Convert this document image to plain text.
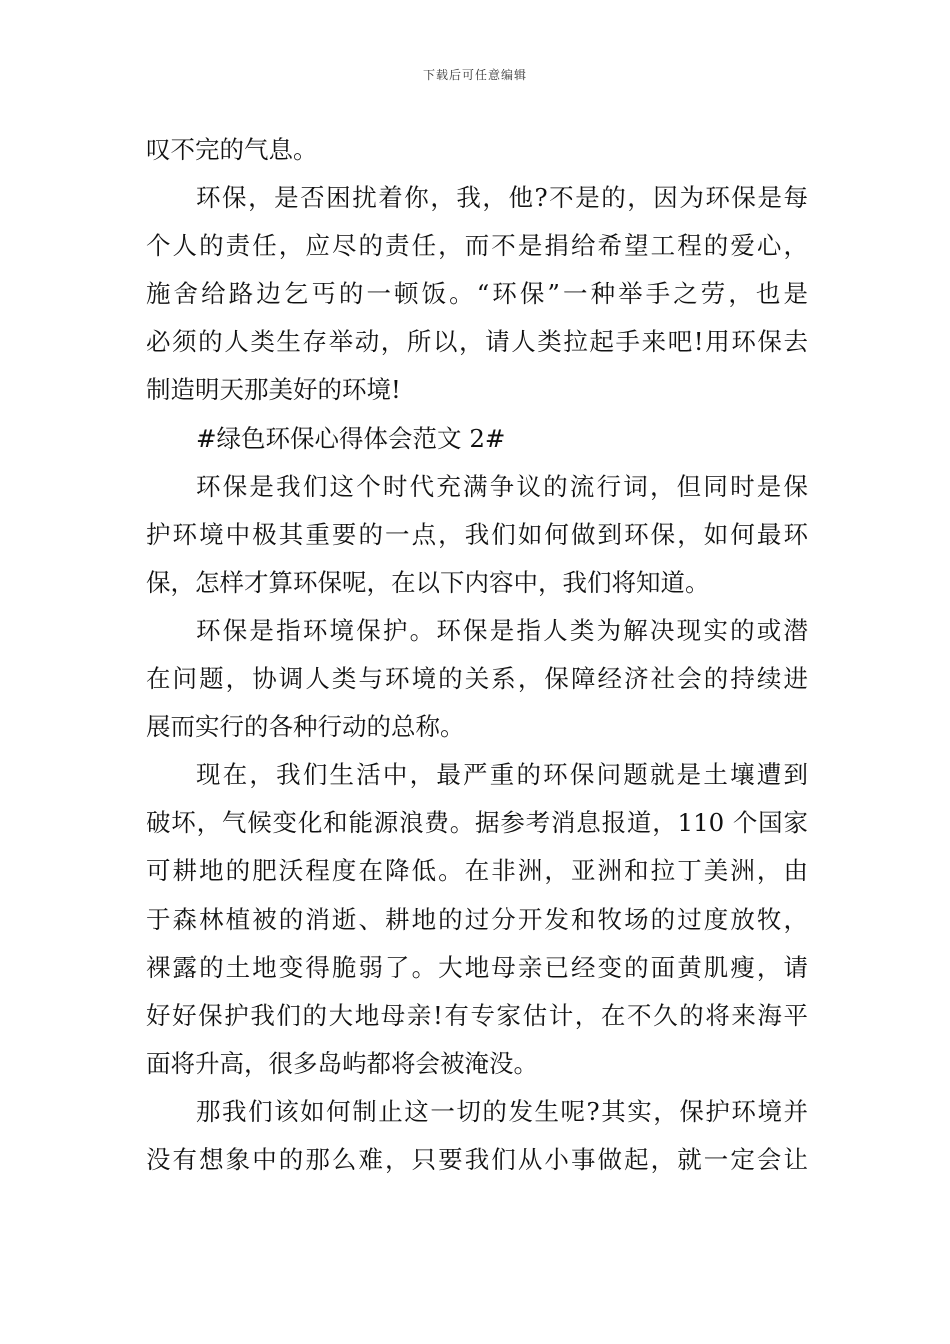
下载后可任意编辑
叹不完的气息。
环保，是否困扰着你，我，他?不是的，因为环保是每
个人的责任，应尽的责任，而不是捐给希望工程的爱心，
施舍给路边乞丐的一顿饭。“环保”一种举手之劳，也是
必须的人类生存举动，所以，请人类拉起手来吧!用环保去
制造明天那美好的环境!
#绿色环保心得体会范文 2#
环保是我们这个时代充满争议的流行词，但同时是保
护环境中极其重要的一点，我们如何做到环保，如何最环
保，怎样才算环保呢，在以下内容中，我们将知道。
环保是指环境保护。环保是指人类为解决现实的或潜
在问题，协调人类与环境的关系，保障经济社会的持续进
展而实行的各种行动的总称。
现在，我们生活中，最严重的环保问题就是土壤遭到
破坏，气候变化和能源浪费。据参考消息报道，110 个国家
可耕地的肥沃程度在降低。在非洲，亚洲和拉丁美洲，由
于森林植被的消逝、耕地的过分开发和牧场的过度放牧，
裸露的土地变得脆弱了。大地母亲已经变的面黄肌瘦，请
好好保护我们的大地母亲!有专家估计，在不久的将来海平
面将升高，很多岛屿都将会被淹没。
那我们该如何制止这一切的发生呢?其实，保护环境并
没有想象中的那么难，只要我们从小事做起，就一定会让
